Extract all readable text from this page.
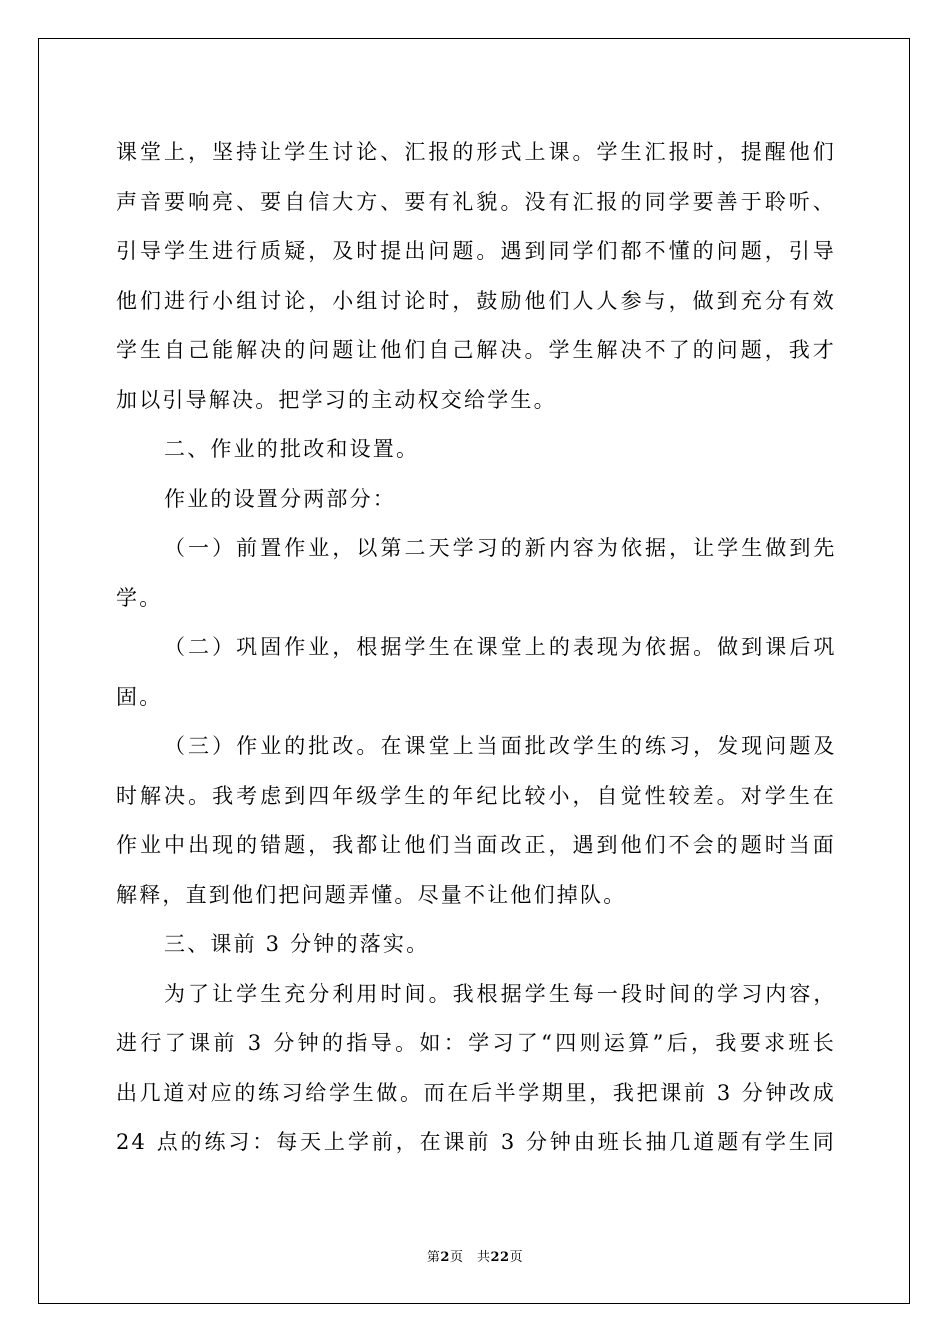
课堂上，坚持让学生讨论、汇报的形式上课。学生汇报时，提醒他们
声音要响亮、要自信大方、要有礼貌。没有汇报的同学要善于聆听、
引导学生进行质疑，及时提出问题。遇到同学们都不懂的问题，引导
他们进行小组讨论，小组讨论时，鼓励他们人人参与，做到充分有效
学生自己能解决的问题让他们自己解决。学生解决不了的问题，我才
加以引导解决。把学习的主动权交给学生。
二、作业的批改和设置。
作业的设置分两部分：
（一）前置作业，以第二天学习的新内容为依据，让学生做到先
学。
（二）巩固作业，根据学生在课堂上的表现为依据。做到课后巩
固。
（三）作业的批改。在课堂上当面批改学生的练习，发现问题及
时解决。我考虑到四年级学生的年纪比较小，自觉性较差。对学生在
作业中出现的错题，我都让他们当面改正，遇到他们不会的题时当面
解释，直到他们把问题弄懂。尽量不让他们掉队。
三、课前 3 分钟的落实。
为了让学生充分利用时间。我根据学生每一段时间的学习内容，
进行了课前 3 分钟的指导。如：学习了“四则运算”后，我要求班长
出几道对应的练习给学生做。而在后半学期里，我把课前 3 分钟改成
24 点的练习：每天上学前，在课前 3 分钟由班长抽几道题有学生同
第2页　共22页
